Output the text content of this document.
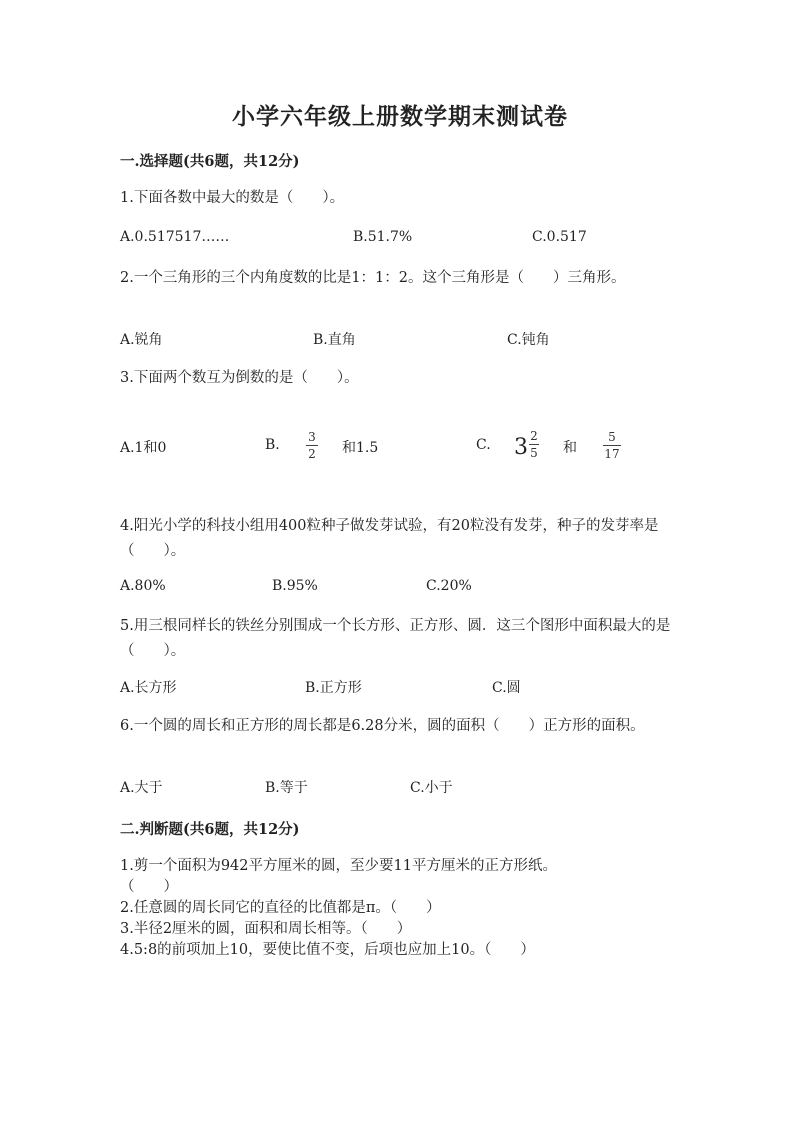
小学六年级上册数学期末测试卷
一.选择题(共6题，共12分)
1.下面各数中最大的数是（　　）。
A.0.517517……	B.51.7%	C.0.517
2.一个三角形的三个内角度数的比是1：1：2。这个三角形是（　　）三角形。
A.锐角	B.直角	C.钝角
3.下面两个数互为倒数的是（　　）。
A.1和0	B. 3
2 和1.5	C. 3 2
5 和
5
17
4.阳光小学的科技小组用400粒种子做发芽试验，有20粒没有发芽，种子的发芽率是（　　）。
A.80%	B.95%	C.20%
5.用三根同样长的铁丝分别围成一个长方形、正方形、圆．这三个图形中面积最大的是（　　）。
A.长方形	B.正方形	C.圆
6.一个圆的周长和正方形的周长都是6.28分米，圆的面积（　　）正方形的面积。
A.大于	B.等于	C.小于
二.判断题(共6题，共12分)
1.剪一个面积为942平方厘米的圆，至少要11平方厘米的正方形纸。
（　　）
2.任意圆的周长同它的直径的比值都是π。（　　）
3.半径2厘米的圆，面积和周长相等。（　　）
4.5:8的前项加上10，要使比值不变，后项也应加上10。（　　）
